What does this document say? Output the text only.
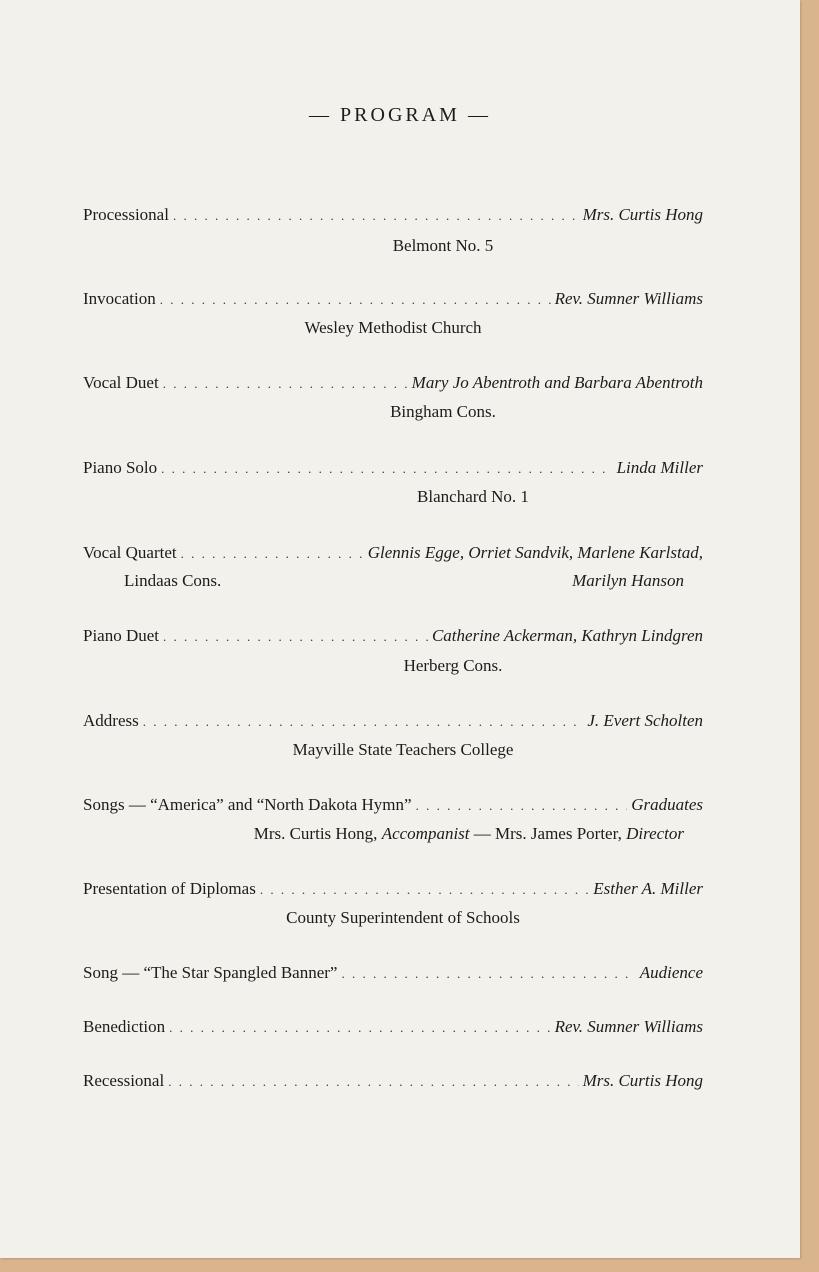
— PROGRAM —
Processional . . .	Mrs. Curtis Hong
Belmont No. 5
Invocation . . .	Rev. Sumner Williams
Wesley Methodist Church
Vocal Duet . . .	Mary Jo Abentroth and Barbara Abentroth
Bingham Cons.
Piano Solo . . .	Linda Miller
Blanchard No. 1
Vocal Quartet . . .	Glennis Egge, Orriet Sandvik, Marlene Karlstad,
Lindaas Cons.	Marilyn Hanson
Piano Duet . . .	Catherine Ackerman, Kathryn Lindgren
Herberg Cons.
Address . . .	J. Evert Scholten
Mayville State Teachers College
Songs — “America” and “North Dakota Hymn” . . .	Graduates
Mrs. Curtis Hong, Accompanist — Mrs. James Porter, Director
Presentation of Diplomas . . .	Esther A. Miller
County Superintendent of Schools
Song — “The Star Spangled Banner” . . .	Audience
Benediction . . .	Rev. Sumner Williams
Recessional . . .	Mrs. Curtis Hong
